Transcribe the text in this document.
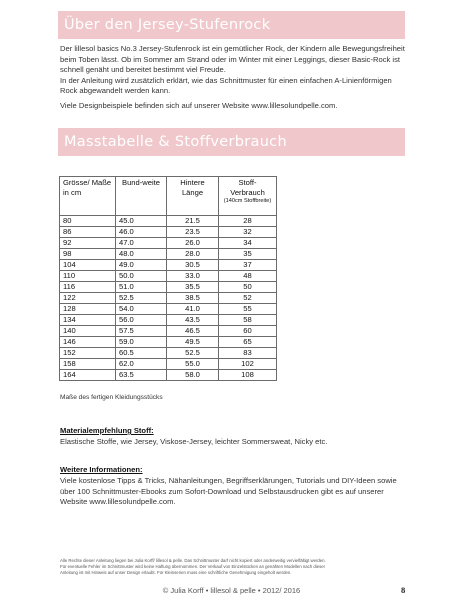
Über den Jersey-Stufenrock

Der lillesol basics No.3 Jersey-Stufenrock ist ein gemütlicher Rock, der Kindern alle Bewegungsfreiheit beim Toben lässt. Ob im Sommer am Strand oder im Winter mit einer Leggings, dieser Basic-Rock ist schnell genäht und bereitet bestimmt viel Freude.

In der Anleitung wird zusätzlich erklärt, wie das Schnittmuster für einen einfachen A-Linienförmigen Rock abgewandelt werden kann.

Viele Designbeispiele befinden sich auf unserer Website www.lillesolundpelle.com.

Masstabelle & Stoffverbrauch
Grösse/ Maße in cm	Bund-weite	Hintere Länge	Stoff-Verbrauch
(140cm Stoffbreite)

80	45.0	21.5	28
86	46.0	23.5	32
92	47.0	26.0	34
98	48.0	28.0	35
104	49.0	30.5	37
110	50.0	33.0	48
116	51.0	35.5	50
122	52.5	38.5	52
128	54.0	41.0	55
134	56.0	43.5	58
140	57.5	46.5	60
146	59.0	49.5	65
152	60.5	52.5	83
158	62.0	55.0	102
164	63.5	58.0	108
Maße des fertigen Kleidungsstücks
Materialempfehlung Stoff:
Elastische Stoffe, wie Jersey, Viskose-Jersey, leichter Sommersweat, Nicky etc.
Weitere Informationen:
Viele kostenlose Tipps & Tricks, Nähanleitungen, Begriffserklärungen, Tutorials und DIY-Ideen sowie über 100 Schnittmuster-Ebooks zum Sofort-Download und Selbstausdrucken gibt es auf unserer Website www.lillesolundpelle.com.

Alle Rechte dieser Anleitung liegen bei Julia Korff/ lillesol & pelle. Das Schnittmuster darf nicht kopiert oder anderweitig vervielfältigt werden.

Für eventuelle Fehler im Schnittmuster wird keine Haftung übernommen. Der Verkauf von Einzelstücken an genähten Modellen nach dieser

Anleitung ist mit Hinweis auf unser Design erlaubt. Für Kleinserien muss eine schriftliche Genehmigung eingeholt werden.

© Julia Korff • lillesol & pelle • 2012/ 2016	8
